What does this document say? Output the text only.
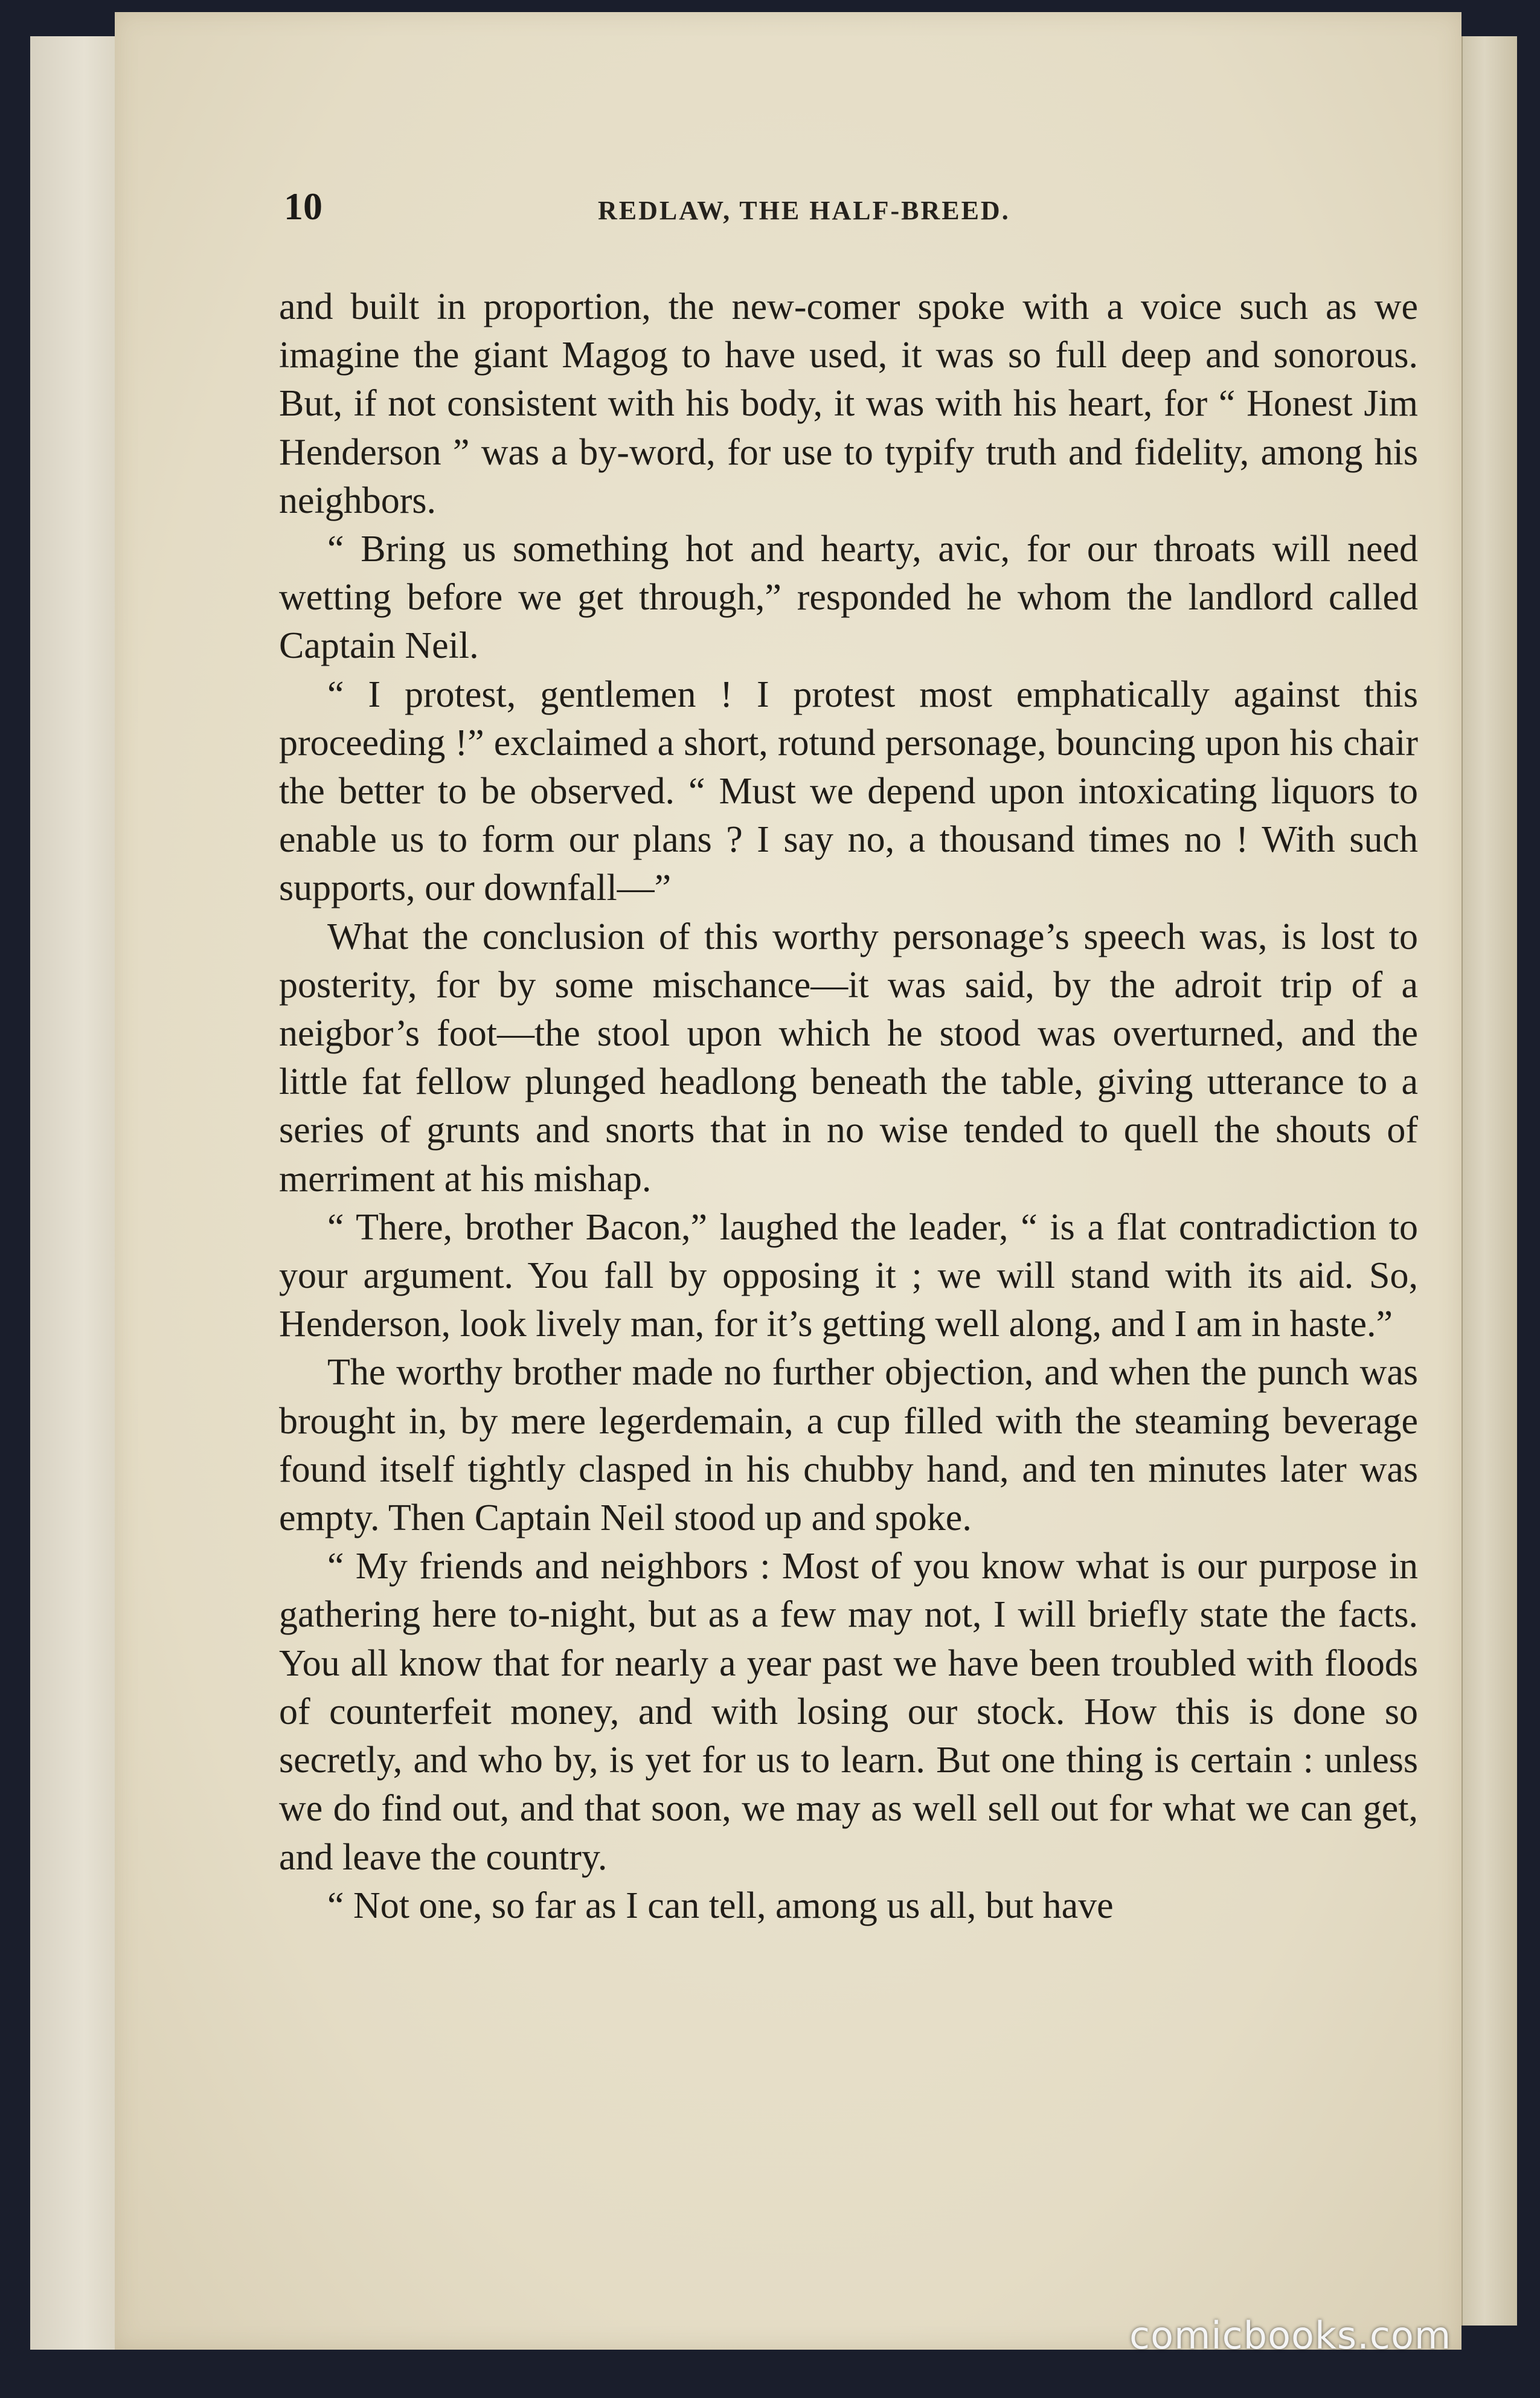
10	REDLAW, THE HALF-BREED.

and built in proportion, the new-comer spoke with a voice such as we imagine the giant Magog to have used, it was so full deep and sonorous. But, if not consistent with his body, it was with his heart, for “ Honest Jim Henderson ” was a by-word, for use to typify truth and fidelity, among his neighbors.

“ Bring us something hot and hearty, avic, for our throats will need wetting before we get through,” responded he whom the landlord called Captain Neil.

“ I protest, gentlemen ! I protest most emphatically against this proceeding !” exclaimed a short, rotund personage, bouncing upon his chair the better to be observed. “ Must we depend upon intoxicating liquors to enable us to form our plans ? I say no, a thousand times no ! With such supports, our downfall—”

What the conclusion of this worthy personage’s speech was, is lost to posterity, for by some mischance—it was said, by the adroit trip of a neigbor’s foot—the stool upon which he stood was overturned, and the little fat fellow plunged headlong beneath the table, giving utterance to a series of grunts and snorts that in no wise tended to quell the shouts of merriment at his mishap.

“ There, brother Bacon,” laughed the leader, “ is a flat contradiction to your argument. You fall by opposing it ; we will stand with its aid. So, Henderson, look lively man, for it’s getting well along, and I am in haste.”

The worthy brother made no further objection, and when the punch was brought in, by mere legerdemain, a cup filled with the steaming beverage found itself tightly clasped in his chubby hand, and ten minutes later was empty. Then Captain Neil stood up and spoke.

“ My friends and neighbors : Most of you know what is our purpose in gathering here to-night, but as a few may not, I will briefly state the facts. You all know that for nearly a year past we have been troubled with floods of counterfeit money, and with losing our stock. How this is done so secretly, and who by, is yet for us to learn. But one thing is certain : unless we do find out, and that soon, we may as well sell out for what we can get, and leave the country.

“ Not one, so far as I can tell, among us all, but have

comicbooks.com
